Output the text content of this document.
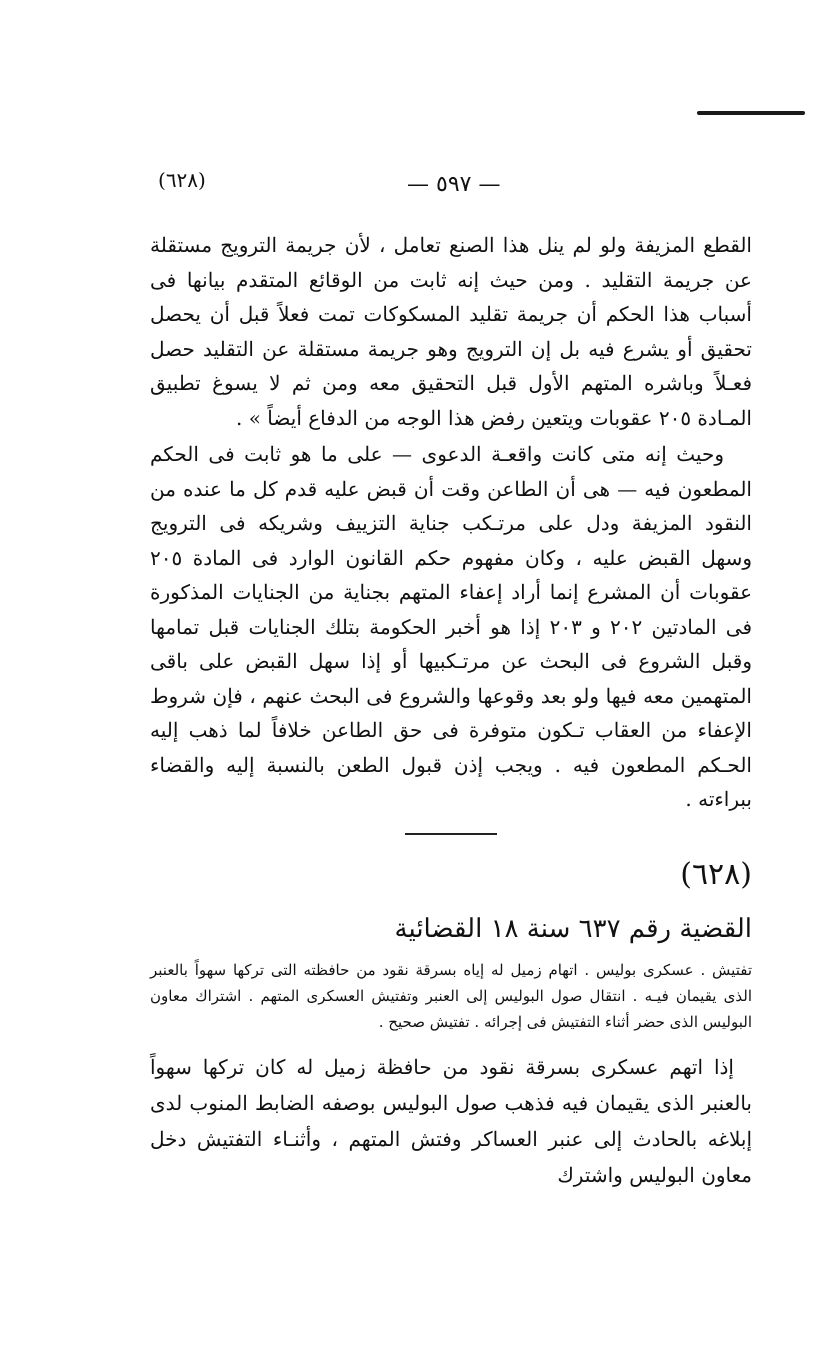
(٦٢٨)	— ٥٩٧ —

القطع المزيفة ولو لم ينل هذا الصنع تعامل ، لأن جريمة الترويج مستقلة عن جريمة التقليد . ومن حيث إنه ثابت من الوقائع المتقدم بيانها فى أسباب هذا الحكم أن جريمة تقليد المسكوكات تمت فعلاً قبل أن يحصل تحقيق أو يشرع فيه بل إن الترويج وهو جريمة مستقلة عن التقليد حصل فعـلاً وباشره المتهم الأول قبل التحقيق معه ومن ثم لا يسوغ تطبيق المـادة ٢٠٥ عقوبات ويتعين رفض هذا الوجه من الدفاع أيضاً » .

وحيث إنه متى كانت واقعـة الدعوى — على ما هو ثابت فى الحكم المطعون فيه — هى أن الطاعن وقت أن قبض عليه قدم كل ما عنده من النقود المزيفة ودل على مرتـكب جناية التزييف وشريكه فى الترويج وسهل القبض عليه ، وكان مفهوم حكم القانون الوارد فى المادة ٢٠٥ عقوبات أن المشرع إنما أراد إعفاء المتهم بجناية من الجنايات المذكورة فى المادتين ٢٠٢ و ٢٠٣ إذا هو أخبر الحكومة بتلك الجنايات قبل تمامها وقبل الشروع فى البحث عن مرتـكبيها أو إذا سهل القبض على باقى المتهمين معه فيها ولو بعد وقوعها والشروع فى البحث عنهم ، فإن شروط الإعفاء من العقاب تـكون متوفرة فى حق الطاعن خلافاً لما ذهب إليه الحـكم المطعون فيه . ويجب إذن قبول الطعن بالنسبة إليه والقضاء ببراءته .

(٦٢٨)
القضية رقم ٦٣٧ سنة ١٨ القضائية

تفتيش . عسكرى بوليس . اتهام زميل له إياه بسرقة نقود من حافظته التى تركها سهواً بالعنبر الذى يقيمان فيـه . انتقال صول البوليس إلى العنبر وتفتيش العسكرى المتهم . اشتراك معاون البوليس الذى حضر أثناء التفتيش فى إجرائه . تفتيش صحيح .

إذا اتهم عسكرى بسرقة نقود من حافظة زميل له كان تركها سهواً بالعنبر الذى يقيمان فيه فذهب صول البوليس بوصفه الضابط المنوب لدى إبلاغه بالحادث إلى عنبر العساكر وفتش المتهم ، وأثنـاء التفتيش دخل معاون البوليس واشترك
